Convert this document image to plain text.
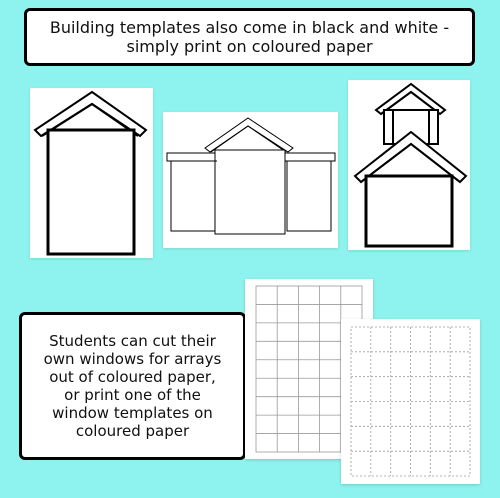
Building templates also come in black and white -
simply print on coloured paper
Students can cut their
own windows for arrays
out of coloured paper,
or print one of the
window templates on
coloured paper
